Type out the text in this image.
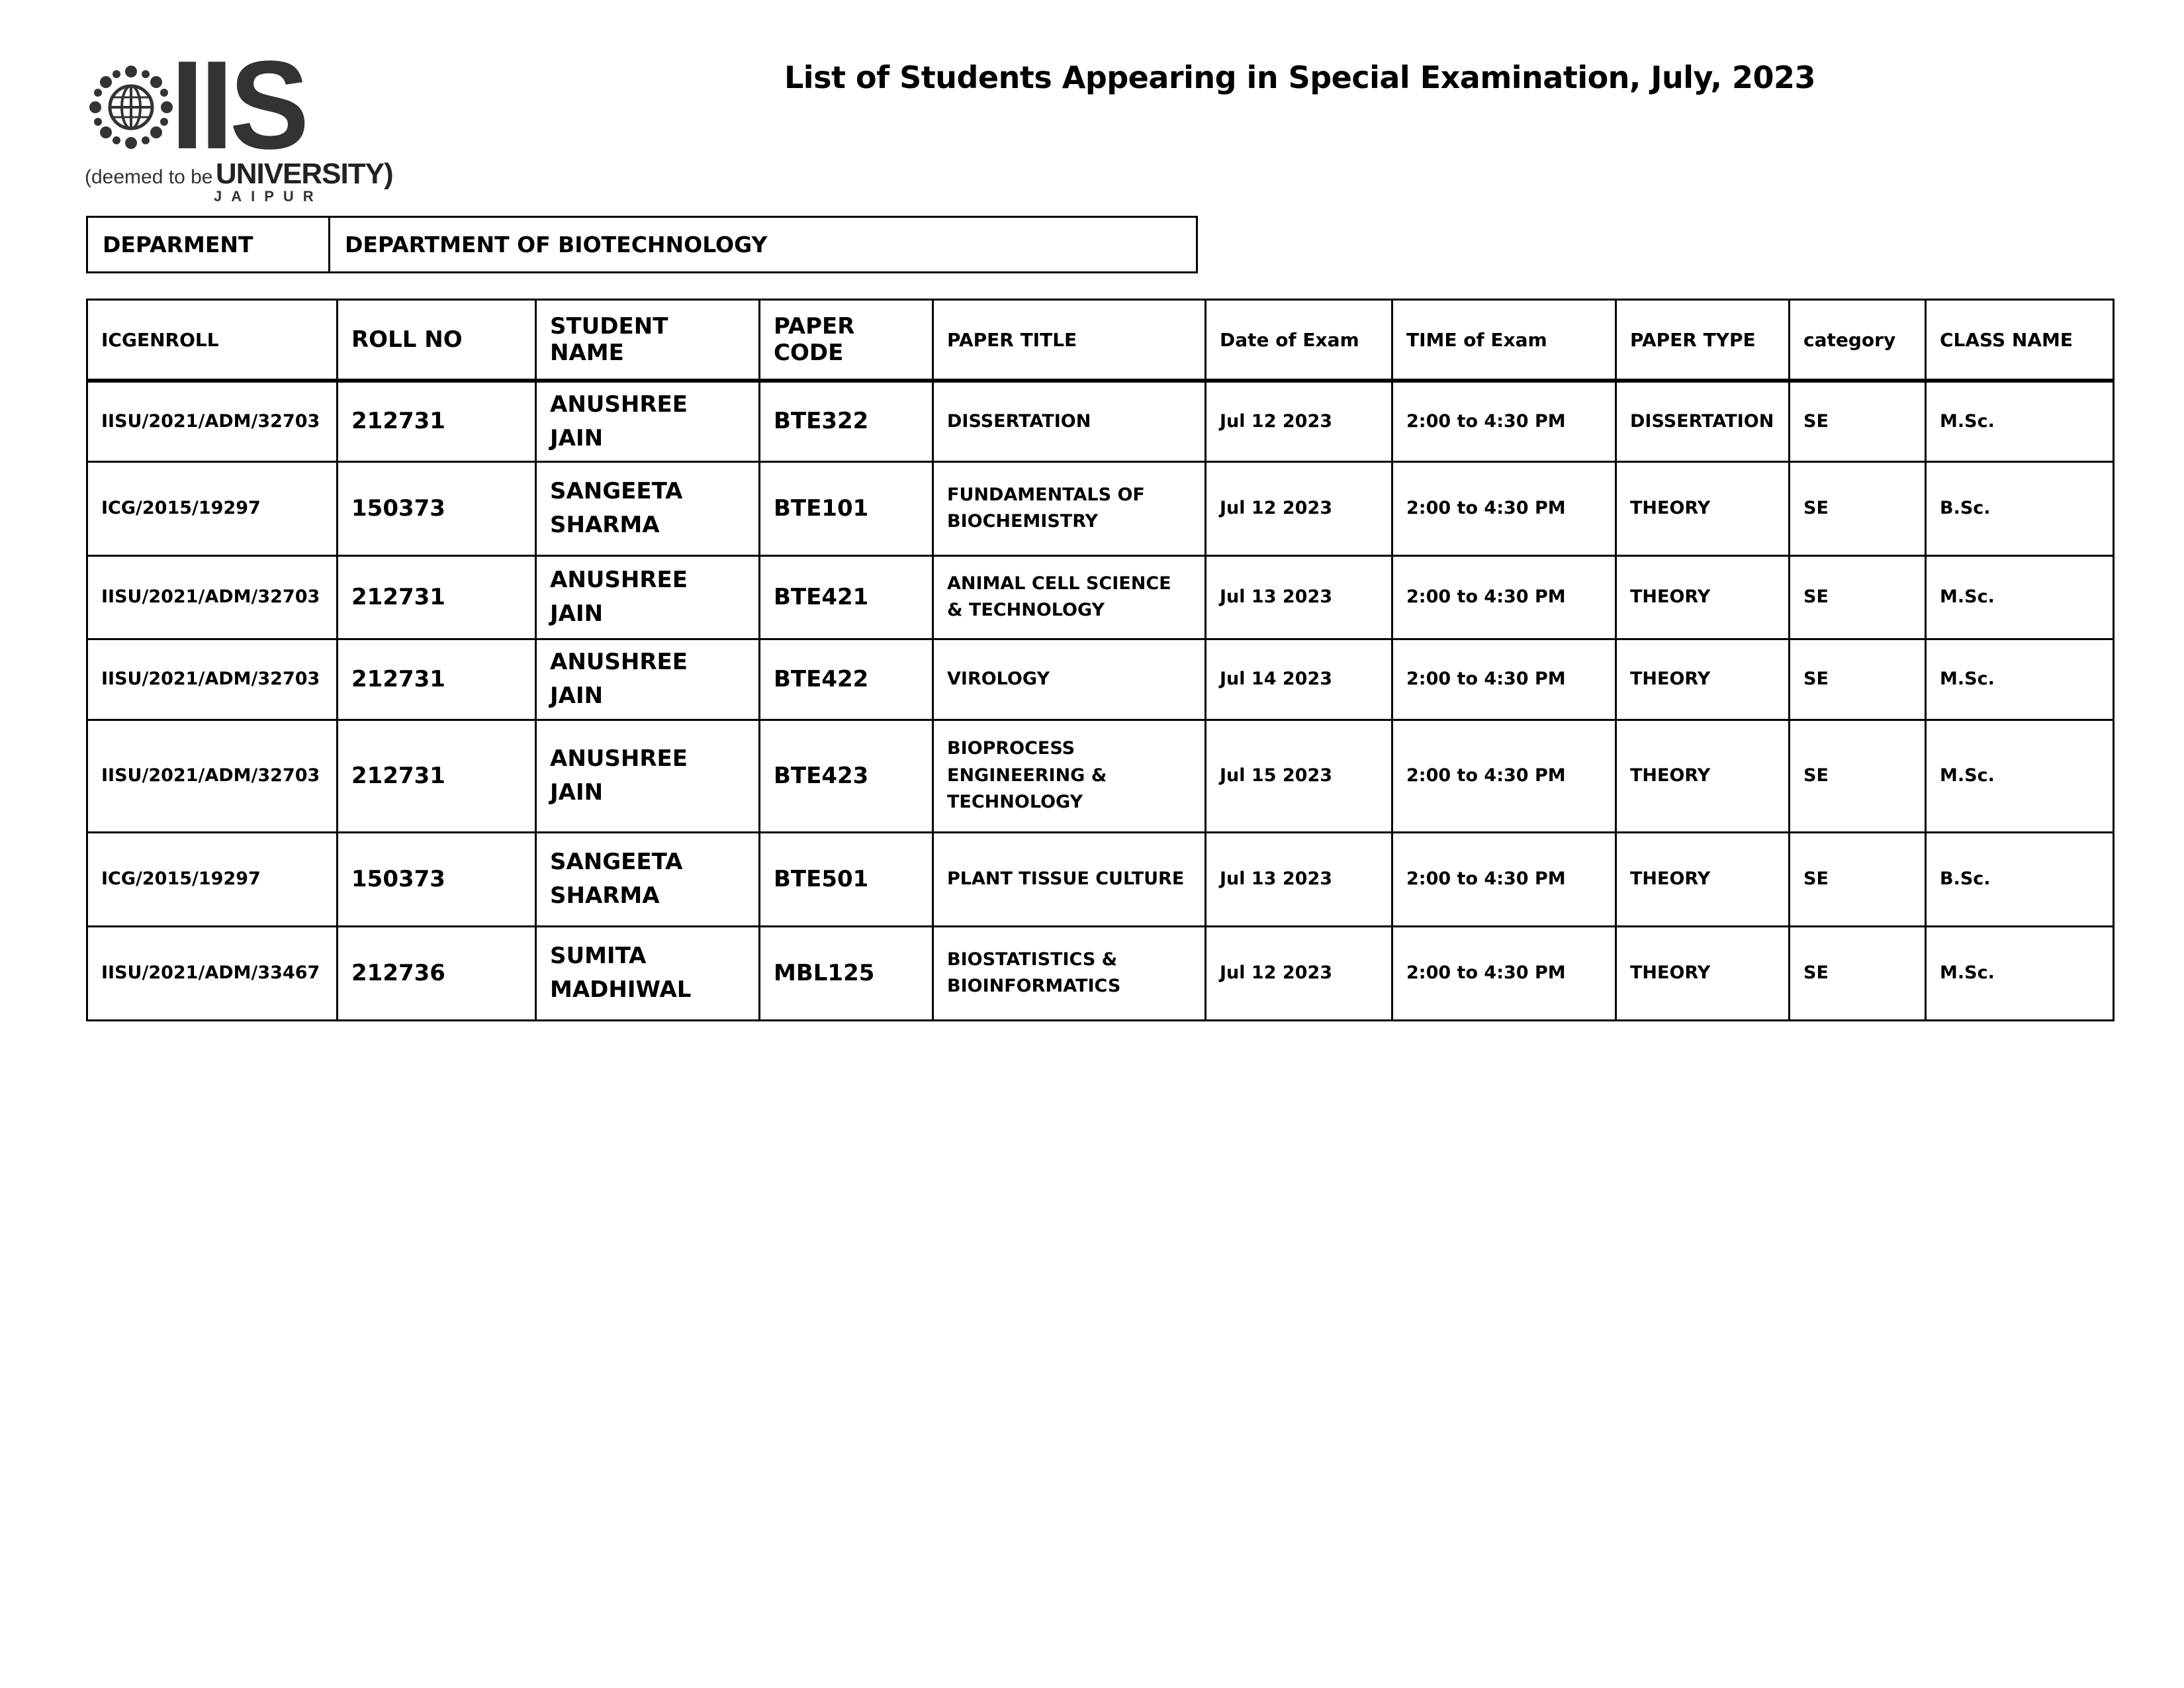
IIS
(deemed to be UNIVERSITY)
JAIPUR
List of Students Appearing in Special Examination, July, 2023
DEPARMENT	DEPARTMENT OF BIOTECHNOLOGY
ICGENROLL	ROLL NO	STUDENT NAME	PAPER CODE	PAPER TITLE	Date of Exam	TIME of Exam	PAPER TYPE	category	CLASS NAME
IISU/2021/ADM/32703	212731	ANUSHREE JAIN	BTE322	DISSERTATION	Jul 12 2023	2:00 to 4:30 PM	DISSERTATION	SE	M.Sc.
ICG/2015/19297	150373	SANGEETA SHARMA	BTE101	FUNDAMENTALS OF BIOCHEMISTRY	Jul 12 2023	2:00 to 4:30 PM	THEORY	SE	B.Sc.
IISU/2021/ADM/32703	212731	ANUSHREE JAIN	BTE421	ANIMAL CELL SCIENCE & TECHNOLOGY	Jul 13 2023	2:00 to 4:30 PM	THEORY	SE	M.Sc.
IISU/2021/ADM/32703	212731	ANUSHREE JAIN	BTE422	VIROLOGY	Jul 14 2023	2:00 to 4:30 PM	THEORY	SE	M.Sc.
IISU/2021/ADM/32703	212731	ANUSHREE JAIN	BTE423	BIOPROCESS ENGINEERING & TECHNOLOGY	Jul 15 2023	2:00 to 4:30 PM	THEORY	SE	M.Sc.
ICG/2015/19297	150373	SANGEETA SHARMA	BTE501	PLANT TISSUE CULTURE	Jul 13 2023	2:00 to 4:30 PM	THEORY	SE	B.Sc.
IISU/2021/ADM/33467	212736	SUMITA MADHIWAL	MBL125	BIOSTATISTICS & BIOINFORMATICS	Jul 12 2023	2:00 to 4:30 PM	THEORY	SE	M.Sc.
